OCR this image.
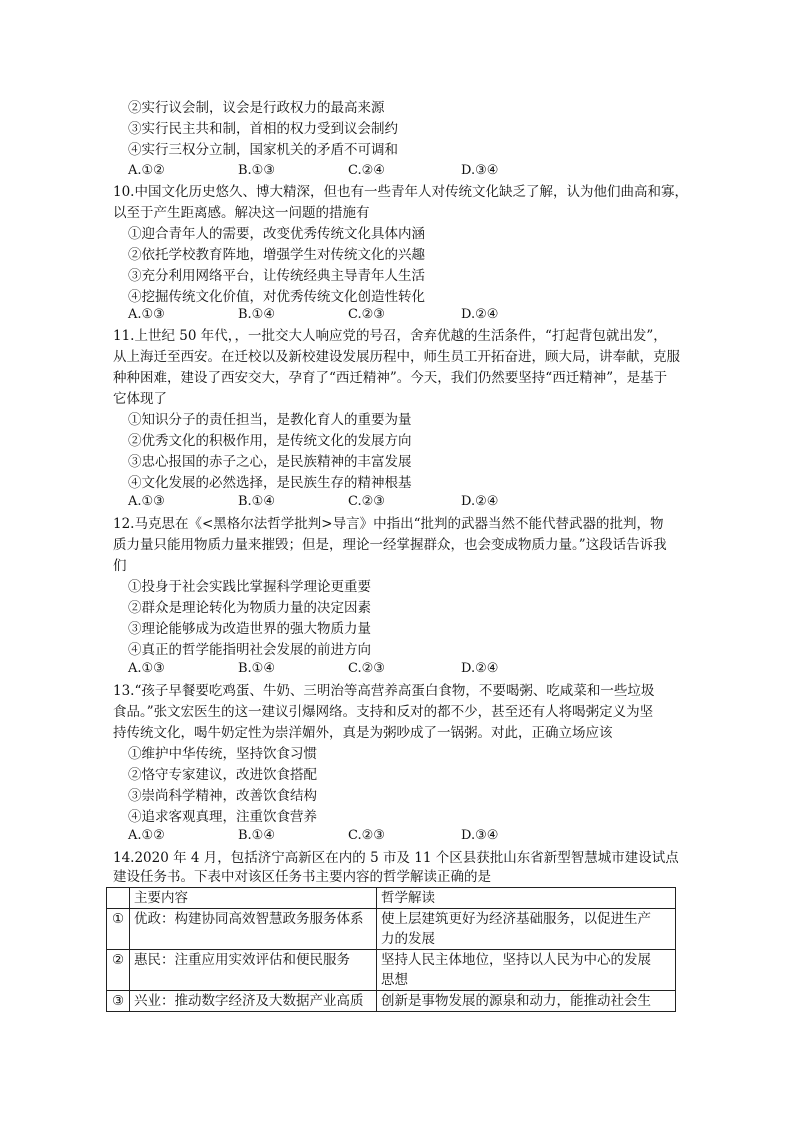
②实行议会制，议会是行政权力的最高来源
③实行民主共和制，首相的权力受到议会制约
④实行三权分立制，国家机关的矛盾不可调和
A.①②	B.①③	C.②④	D.③④
10.中国文化历史悠久、博大精深，但也有一些青年人对传统文化缺乏了解，认为他们曲高和寡，
以至于产生距离感。解决这一问题的措施有
①迎合青年人的需要，改变优秀传统文化具体内涵
②依托学校教育阵地，增强学生对传统文化的兴趣
③充分利用网络平台，让传统经典主导青年人生活
④挖掘传统文化价值，对优秀传统文化创造性转化
A.①③	B.①④	C.②③	D.②④
11.上世纪 50 年代，，一批交大人响应党的号召，舍弃优越的生活条件，“打起背包就出发”，
从上海迁至西安。在迁校以及新校建设发展历程中，师生员工开拓奋进，顾大局，讲奉献，克服
种种困难，建设了西安交大，孕育了“西迁精神”。今天，我们仍然要坚持“西迁精神”，是基于
它体现了
①知识分子的责任担当，是教化育人的重要为量
②优秀文化的积极作用，是传统文化的发展方向
③忠心报国的赤子之心，是民族精神的丰富发展
④文化发展的必然选择，是民族生存的精神根基
A.①③	B.①④	C.②③	D.②④
12.马克思在《<黑格尔法哲学批判>导言》中指出“批判的武器当然不能代替武器的批判，物
质力量只能用物质力量来摧毁；但是，理论一经掌握群众，也会变成物质力量。”这段话告诉我
们
①投身于社会实践比掌握科学理论更重要
②群众是理论转化为物质力量的决定因素
③理论能够成为改造世界的强大物质力量
④真正的哲学能指明社会发展的前进方向
A.①③	B.①④	C.②③	D.②④
13.“孩子早餐要吃鸡蛋、牛奶、三明治等高营养高蛋白食物，不要喝粥、吃咸菜和一些垃圾
食品。”张文宏医生的这一建议引爆网络。支持和反对的都不少，甚至还有人将喝粥定义为坚
持传统文化，喝牛奶定性为崇洋媚外，真是为粥吵成了一锅粥。对此，正确立场应该
①维护中华传统，坚持饮食习惯
②恪守专家建议，改进饮食搭配
③崇尚科学精神，改善饮食结构
④追求客观真理，注重饮食营养
A.①②	B.①④	C.②③	D.③④
14.2020 年 4 月，包括济宁高新区在内的 5 市及 11 个区县获批山东省新型智慧城市建设试点
建设任务书。下表中对该区任务书主要内容的哲学解读正确的是
	主要内容	哲学解读
①	优政：构建协同高效智慧政务服务体系	使上层建筑更好为经济基础服务，以促进生产
力的发展

②	惠民：注重应用实效评估和便民服务	坚持人民主体地位，坚持以人民为中心的发展
思想

③	兴业：推动数字经济及大数据产业高质	创新是事物发展的源泉和动力，能推动社会生
